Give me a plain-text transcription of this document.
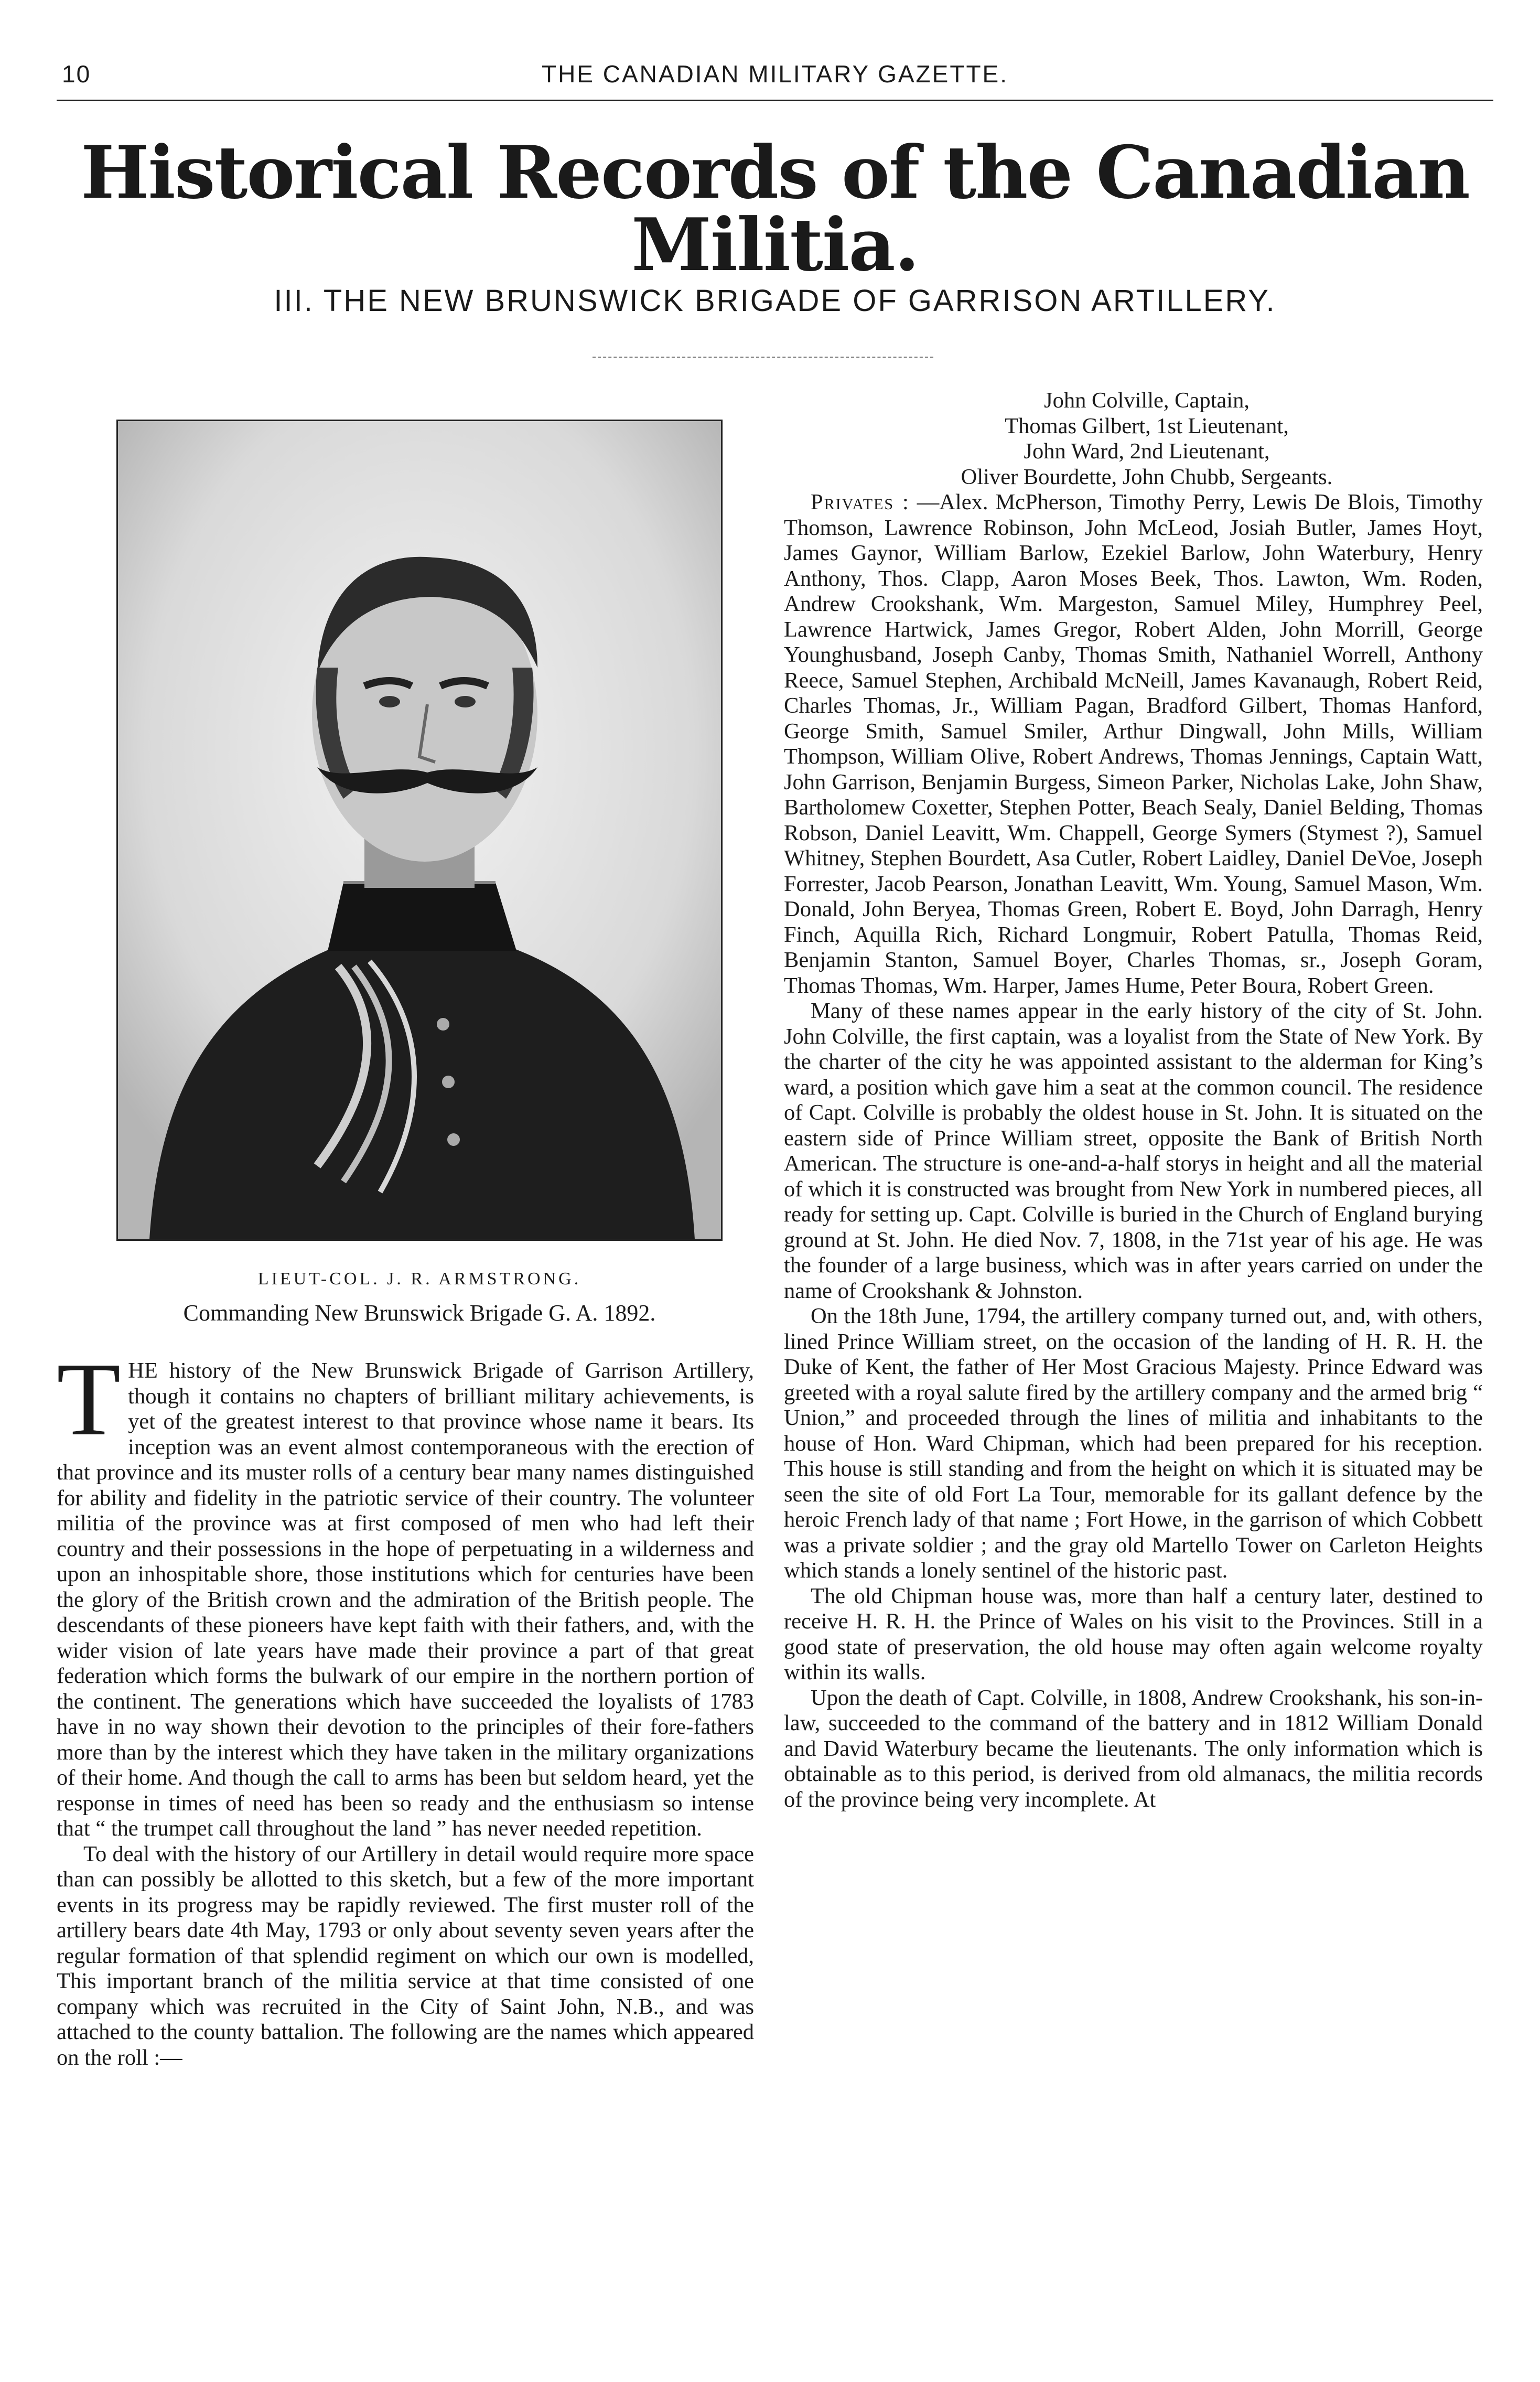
10	THE CANADIAN MILITARY GAZETTE.
Historical Records of the Canadian Militia.
III. THE NEW BRUNSWICK BRIGADE OF GARRISON ARTILLERY.
LIEUT-COL. J. R. ARMSTRONG.
Commanding New Brunswick Brigade G. A. 1892.

THE history of the New Brunswick Brigade of Garrison Artillery, though it contains no chapters of brilliant military achievements, is yet of the greatest interest to that province whose name it bears. Its inception was an event almost contemporaneous with the erection of that province and its muster rolls of a century bear many names distinguished for ability and fidelity in the patriotic service of their country. The volunteer militia of the province was at first composed of men who had left their country and their possessions in the hope of perpetuating in a wilderness and upon an inhospitable shore, those institutions which for centuries have been the glory of the British crown and the admiration of the British people. The descendants of these pioneers have kept faith with their fathers, and, with the wider vision of late years have made their province a part of that great federation which forms the bulwark of our empire in the northern portion of the continent. The generations which have succeeded the loyalists of 1783 have in no way shown their devotion to the principles of their fore-fathers more than by the interest which they have taken in the military organizations of their home. And though the call to arms has been but seldom heard, yet the response in times of need has been so ready and the enthusiasm so intense that “ the trumpet call throughout the land ” has never needed repetition.

To deal with the history of our Artillery in detail would require more space than can possibly be allotted to this sketch, but a few of the more important events in its progress may be rapidly reviewed. The first muster roll of the artillery bears date 4th May, 1793 or only about seventy seven years after the regular formation of that splendid regiment on which our own is modelled, This important branch of the militia service at that time consisted of one company which was recruited in the City of Saint John, N.B., and was attached to the county battalion. The following are the names which appeared on the roll :—

John Colville, Captain,

Thomas Gilbert, 1st Lieutenant,

John Ward, 2nd Lieutenant,

Oliver Bourdette, John Chubb, Sergeants.

Privates : —Alex. McPherson, Timothy Perry, Lewis De Blois, Timothy Thomson, Lawrence Robinson, John McLeod, Josiah Butler, James Hoyt, James Gaynor, William Barlow, Ezekiel Barlow, John Waterbury, Henry Anthony, Thos. Clapp, Aaron Moses Beek, Thos. Lawton, Wm. Roden, Andrew Crookshank, Wm. Margeston, Samuel Miley, Humphrey Peel, Lawrence Hartwick, James Gregor, Robert Alden, John Morrill, George Younghusband, Joseph Canby, Thomas Smith, Nathaniel Worrell, Anthony Reece, Samuel Stephen, Archibald McNeill, James Kavanaugh, Robert Reid, Charles Thomas, Jr., William Pagan, Bradford Gilbert, Thomas Hanford, George Smith, Samuel Smiler, Arthur Dingwall, John Mills, William Thompson, William Olive, Robert Andrews, Thomas Jennings, Captain Watt, John Garrison, Benjamin Burgess, Simeon Parker, Nicholas Lake, John Shaw, Bartholomew Coxetter, Stephen Potter, Beach Sealy, Daniel Belding, Thomas Robson, Daniel Leavitt, Wm. Chappell, George Symers (Stymest ?), Samuel Whitney, Stephen Bourdett, Asa Cutler, Robert Laidley, Daniel DeVoe, Joseph Forrester, Jacob Pearson, Jonathan Leavitt, Wm. Young, Samuel Mason, Wm. Donald, John Beryea, Thomas Green, Robert E. Boyd, John Darragh, Henry Finch, Aquilla Rich, Richard Longmuir, Robert Patulla, Thomas Reid, Benjamin Stanton, Samuel Boyer, Charles Thomas, sr., Joseph Goram, Thomas Thomas, Wm. Harper, James Hume, Peter Boura, Robert Green.

Many of these names appear in the early history of the city of St. John. John Colville, the first captain, was a loyalist from the State of New York. By the charter of the city he was appointed assistant to the alderman for King’s ward, a position which gave him a seat at the common council. The residence of Capt. Colville is probably the oldest house in St. John. It is situated on the eastern side of Prince William street, opposite the Bank of British North American. The structure is one-and-a-half storys in height and all the material of which it is constructed was brought from New York in numbered pieces, all ready for setting up. Capt. Colville is buried in the Church of England burying ground at St. John. He died Nov. 7, 1808, in the 71st year of his age. He was the founder of a large business, which was in after years carried on under the name of Crookshank & Johnston.

On the 18th June, 1794, the artillery company turned out, and, with others, lined Prince William street, on the occasion of the landing of H. R. H. the Duke of Kent, the father of Her Most Gracious Majesty. Prince Edward was greeted with a royal salute fired by the artillery company and the armed brig “ Union,” and proceeded through the lines of militia and inhabitants to the house of Hon. Ward Chipman, which had been prepared for his reception. This house is still standing and from the height on which it is situated may be seen the site of old Fort La Tour, memorable for its gallant defence by the heroic French lady of that name ; Fort Howe, in the garrison of which Cobbett was a private soldier ; and the gray old Martello Tower on Carleton Heights which stands a lonely sentinel of the historic past.

The old Chipman house was, more than half a century later, destined to receive H. R. H. the Prince of Wales on his visit to the Provinces. Still in a good state of preservation, the old house may often again welcome royalty within its walls.

Upon the death of Capt. Colville, in 1808, Andrew Crookshank, his son-in-law, succeeded to the command of the battery and in 1812 William Donald and David Waterbury became the lieutenants. The only information which is obtainable as to this period, is derived from old almanacs, the militia records of the province being very incomplete. At
